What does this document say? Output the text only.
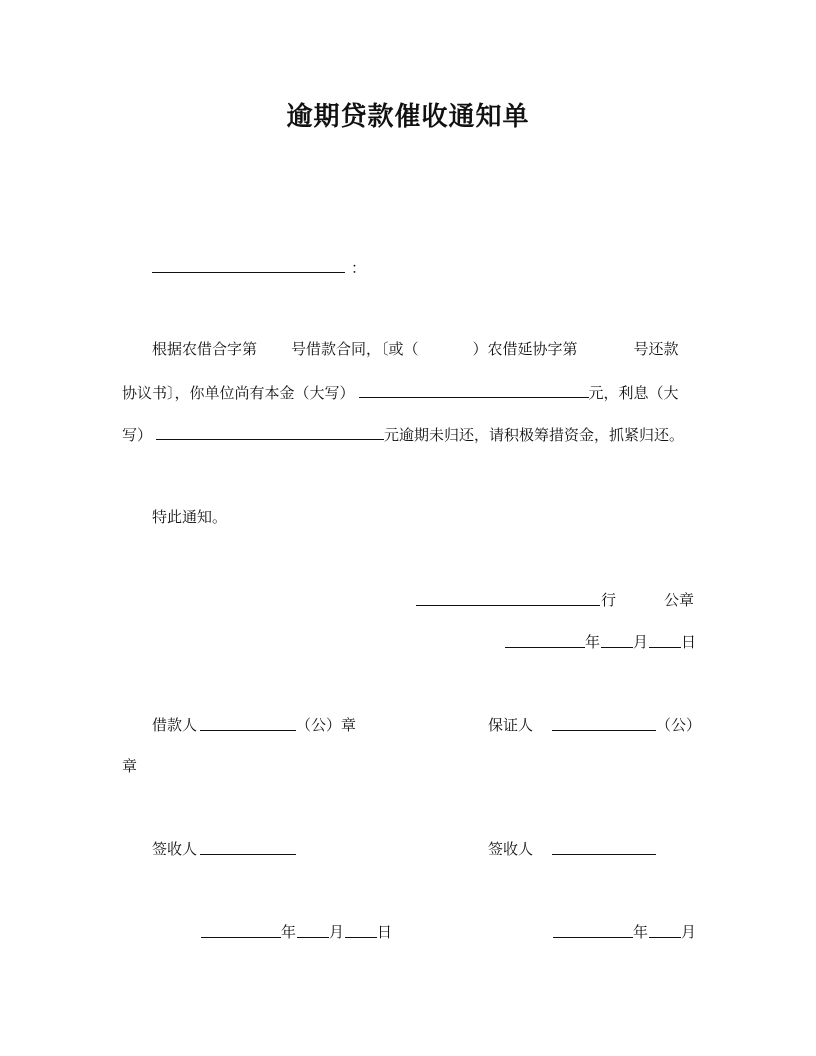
逾期贷款催收通知单
：
根据农借合字第 号借款合同，〔或（	）农借延协字第	号还款
协议书〕，你单位尚有本金（大写）	元，利息（大
写）	元逾期未归还，请积极筹措资金，抓紧归还。
特此通知。
行	公章
年 月 日
借款人	（公）章	保证人	（公）
章
签收人	签收人
年 月 日	年 月
